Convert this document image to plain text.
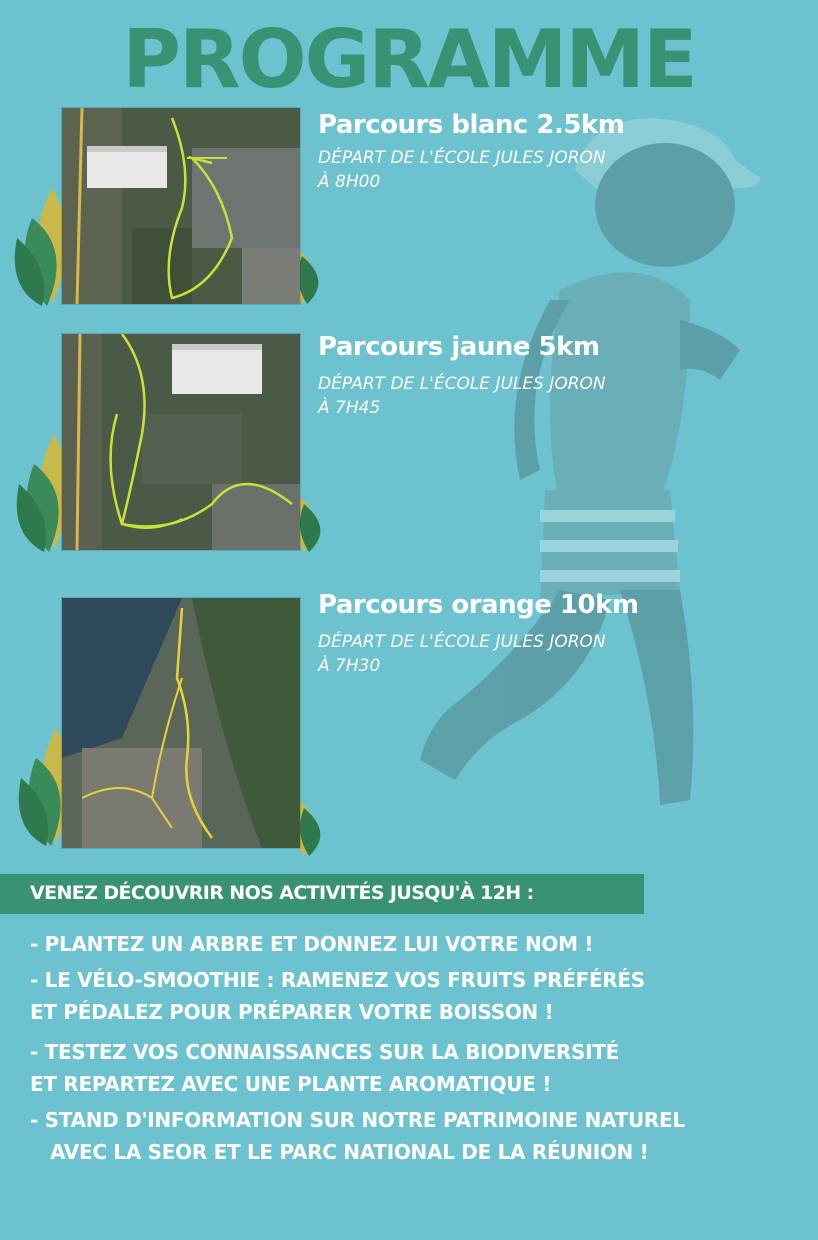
PROGRAMME
Parcours blanc 2.5km
DÉPART DE L'ÉCOLE JULES JORON
À 8H00
Parcours jaune 5km
DÉPART DE L'ÉCOLE JULES JORON
À 7H45
Parcours orange 10km
DÉPART DE L'ÉCOLE JULES JORON
À 7H30
VENEZ DÉCOUVRIR NOS ACTIVITÉS JUSQU'À 12H :
- PLANTEZ UN ARBRE ET DONNEZ LUI VOTRE NOM !
- LE VÉLO-SMOOTHIE : RAMENEZ VOS FRUITS PRÉFÉRÉS
ET PÉDALEZ POUR PRÉPARER VOTRE BOISSON !
- TESTEZ VOS CONNAISSANCES SUR LA BIODIVERSITÉ
ET REPARTEZ AVEC UNE PLANTE AROMATIQUE !
- STAND D'INFORMATION SUR NOTRE PATRIMOINE NATUREL
AVEC LA SEOR ET LE PARC NATIONAL DE LA RÉUNION !
